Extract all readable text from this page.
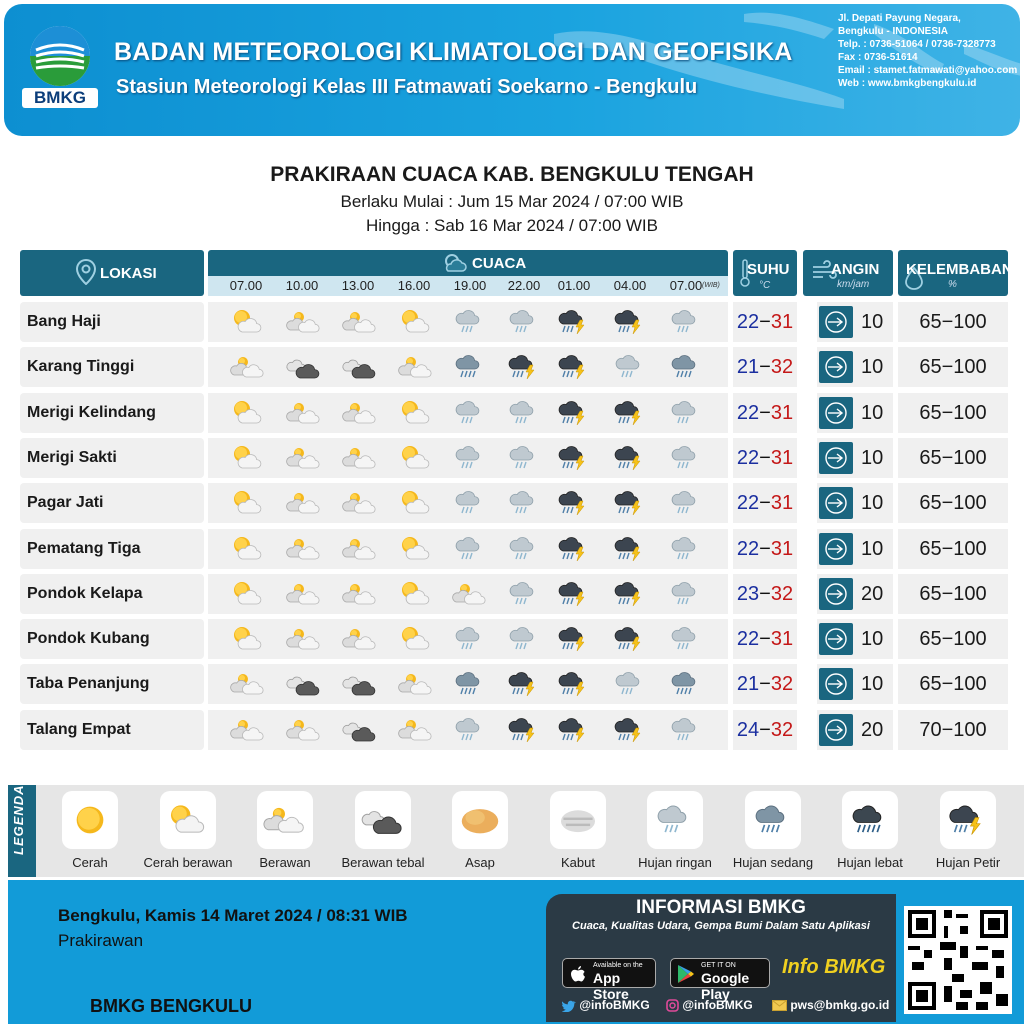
BMKG
BADAN METEOROLOGI KLIMATOLOGI DAN GEOFISIKA
Stasiun Meteorologi Kelas III Fatmawati Soekarno - Bengkulu
Jl. Depati Payung Negara,
Bengkulu - INDONESIA
Telp. : 0736-51064 / 0736-7328773
Fax : 0736-51614
Email : stamet.fatmawati@yahoo.com
Web : www.bmkgbengkulu.id
PRAKIRAAN CUACA KAB. BENGKULU TENGAH
Berlaku Mulai : Jum 15 Mar 2024 / 07:00 WIB
Hingga : Sab 16 Mar 2024 / 07:00 WIB
LOKASI
CUACA
07.00 10.00 13.00 16.00 19.00 22.00 01.00 04.00 07.00 (WIB)
SUHU
°C
ANGIN
km/jam
KELEMBABAN
%
Bang Haji	22−31	10	65−100
Karang Tinggi	21−32	10	65−100
Merigi Kelindang	22−31	10	65−100
Merigi Sakti	22−31	10	65−100
Pagar Jati	22−31	10	65−100
Pematang Tiga	22−31	10	65−100
Pondok Kelapa	23−32	20	65−100
Pondok Kubang	22−31	10	65−100
Taba Penanjung	21−32	10	65−100
Talang Empat	24−32	20	70−100
LEGENDA
Cerah	Cerah berawan	Berawan	Berawan tebal	Asap	Kabut	Hujan ringan	Hujan sedang	Hujan lebat	Hujan Petir
Bengkulu, Kamis 14 Maret 2024 / 08:31 WIB
Prakirawan
BMKG BENGKULU
INFORMASI BMKG
Cuaca, Kualitas Udara, Gempa Bumi Dalam Satu Aplikasi
Available on the
App Store
GET IT ON
Google Play
Info BMKG
@infoBMKG	@infoBMKG	pws@bmkg.go.id
